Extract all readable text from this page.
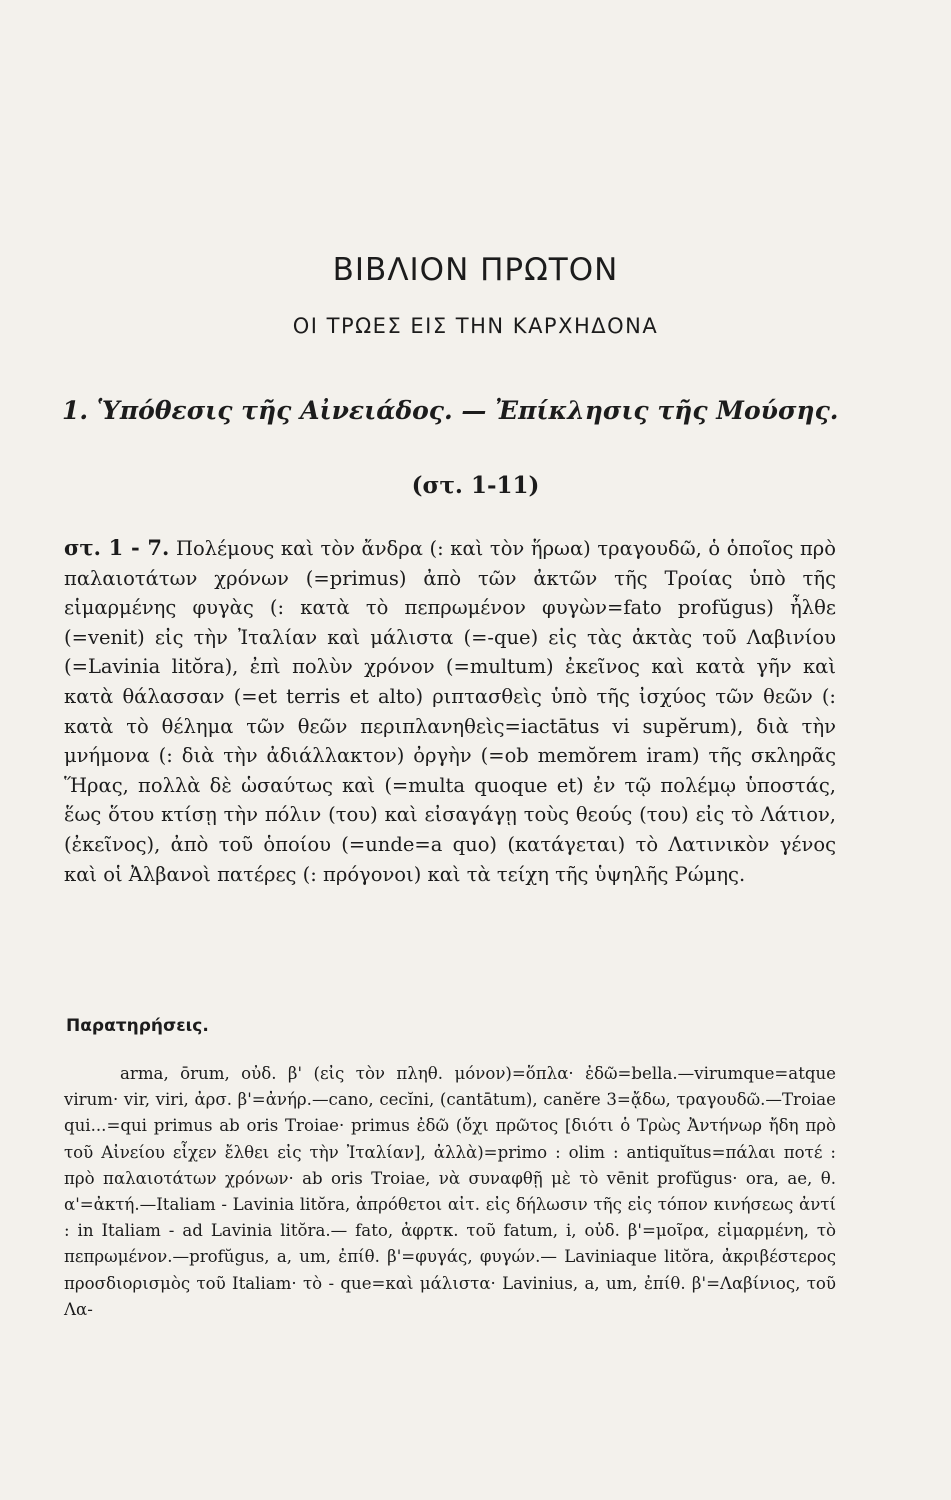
ΒΙΒΛΙΟΝ ΠΡΩΤΟΝ
ΟΙ ΤΡΩΕΣ ΕΙΣ ΤΗΝ ΚΑΡΧΗΔΟΝΑ
1. Ὑπόθεσις τῆς Αἰνειάδος. — Ἐπίκλησις τῆς Μούσης.
(στ. 1-11)

στ. 1 - 7. Πολέμους καὶ τὸν ἄνδρα (: καὶ τὸν ἥρωα) τραγουδῶ, ὁ ὁποῖος πρὸ παλαιοτάτων χρόνων (=primus) ἀπὸ τῶν ἀκτῶν τῆς Τροίας ὑπὸ τῆς εἱμαρμένης φυγὰς (: κατὰ τὸ πεπρωμένον φυγὼν=fato profŭgus) ἦλθε (=venit) εἰς τὴν Ἰταλίαν καὶ μάλιστα (=-que) εἰς τὰς ἀκτὰς τοῦ Λαβινίου (=Lavinia litŏra), ἐπὶ πολὺν χρόνον (=multum) ἐκεῖνος καὶ κατὰ γῆν καὶ κατὰ θάλασσαν (=et terris et alto) ριπτασθεὶς ὑπὸ τῆς ἰσχύος τῶν θεῶν (: κατὰ τὸ θέλημα τῶν θεῶν περιπλανηθεὶς=iactātus vi supĕrum), διὰ τὴν μνήμονα (: διὰ τὴν ἀδιάλλακτον) ὀργὴν (=ob memŏrem iram) τῆς σκληρᾶς Ἥρας, πολλὰ δὲ ὡσαύτως καὶ (=multa quoque et) ἐν τῷ πολέμῳ ὑποστάς, ἕως ὅτου κτίσῃ τὴν πόλιν (του) καὶ εἰσαγάγῃ τοὺς θεούς (του) εἰς τὸ Λάτιον, (ἐκεῖνος), ἀπὸ τοῦ ὁποίου (=unde=a quo) (κατάγεται) τὸ Λατινικὸν γένος καὶ οἱ Ἀλβανοὶ πατέρες (: πρόγονοι) καὶ τὰ τείχη τῆς ὑψηλῆς Ρώμης.

Παρατηρήσεις.

arma, ōrum, οὐδ. β' (εἰς τὸν πληθ. μόνον)=ὅπλα· ἐδῶ=bella.—virumque=atque virum· vir, viri, ἀρσ. β'=ἀνήρ.—cano, cecĭni, (cantātum), canĕre 3=ᾄδω, τραγουδῶ.—Troiae qui...=qui primus ab oris Troiae· primus ἐδῶ (ὄχι πρῶτος [διότι ὁ Τρὼς Ἀντήνωρ ἤδη πρὸ τοῦ Αἰνείου εἶχεν ἔλθει εἰς τὴν Ἰταλίαν], ἀλλὰ)=primo : olim : antiquĭtus=πάλαι ποτέ : πρὸ παλαιοτάτων χρόνων· ab oris Troiae, νὰ συναφθῇ μὲ τὸ vēnit profŭgus· ora, ae, θ. α'=ἀκτή.—Italiam - Lavinia litŏra, ἀπρόθετοι αἰτ. εἰς δήλωσιν τῆς εἰς τόπον κινήσεως ἀντί : in Italiam - ad Lavinia litŏra.— fato, ἀφρτκ. τοῦ fatum, i, οὐδ. β'=μοῖρα, εἱμαρμένη, τὸ πεπρωμένον.—profŭgus, a, um, ἐπίθ. β'=φυγάς, φυγών.— Laviniaque litŏra, ἀκριβέστερος προσδιορισμὸς τοῦ Italiam· τὸ - que=καὶ μάλιστα· Lavinius, a, um, ἐπίθ. β'=Λαβίνιος, τοῦ Λα-
